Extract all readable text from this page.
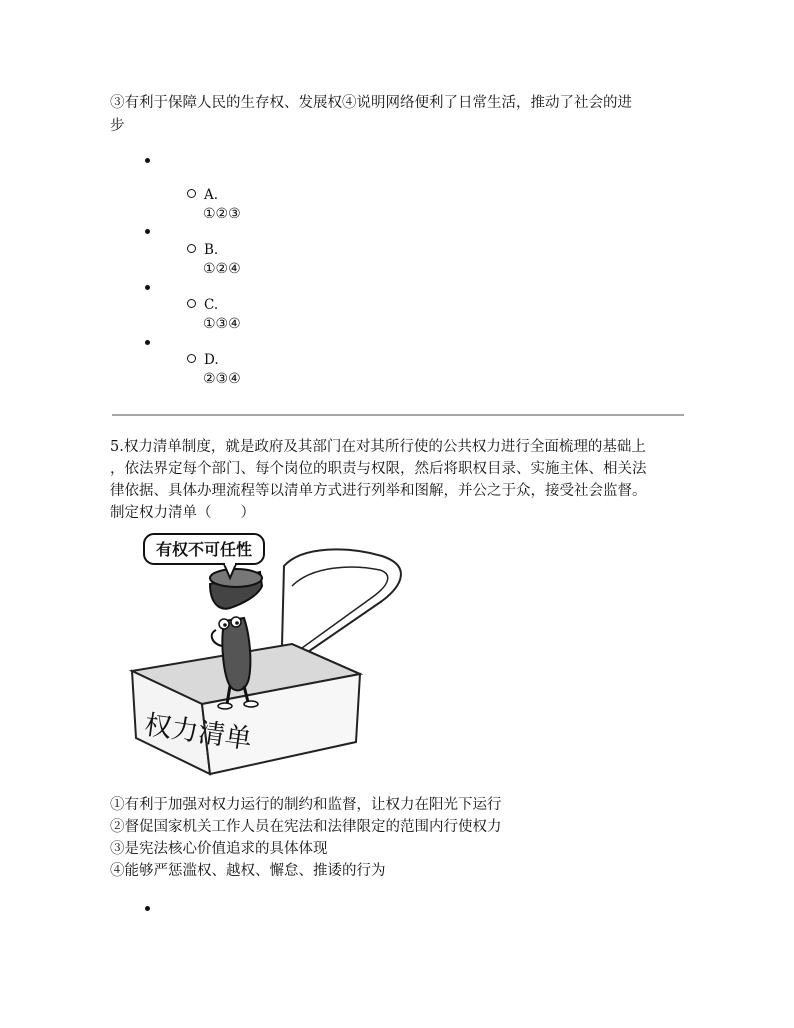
③有利于保障人民的生存权、发展权④说明网络便利了日常生活，推动了社会的进
步
A.
①②③
B.
①②④
C.
①③④
D.
②③④
5.权力清单制度，就是政府及其部门在对其所行使的公共权力进行全面梳理的基础上
，依法界定每个部门、每个岗位的职责与权限，然后将职权目录、实施主体、相关法
律依据、具体办理流程等以清单方式进行列举和图解，并公之于众，接受社会监督。
制定权力清单（　　）
有权不可任性
权力清单
①有利于加强对权力运行的制约和监督，让权力在阳光下运行
②督促国家机关工作人员在宪法和法律限定的范围内行使权力
③是宪法核心价值追求的具体体现
④能够严惩滥权、越权、懈怠、推诿的行为
